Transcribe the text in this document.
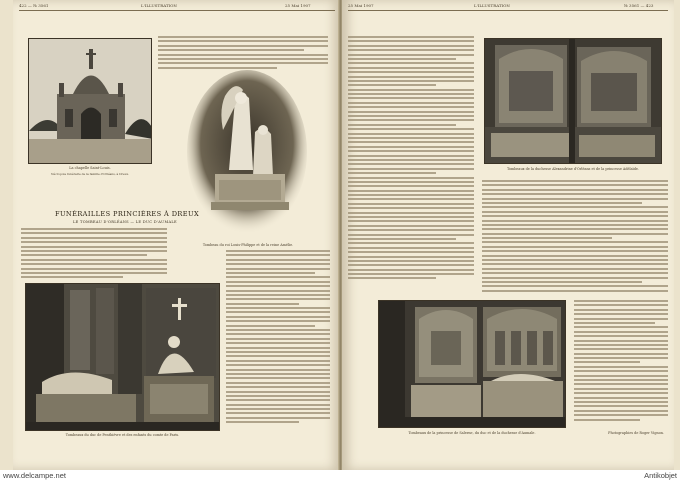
422 — № 3561	L'ILLUSTRATION	25 Mai 1907
La chapelle Saint-Louis.
Nécropole funéraire de la famille d'Orléans, à Dreux.
Tombeau du roi Louis-Philippe et de la reine Amélie.
FUNÉRAILLES PRINCIÈRES À DREUX
LE TOMBEAU D'ORLÉANS — LE DUC D'AUMALE
Tombeaux du duc de Penthièvre et des enfants du comte de Paris.
25 Mai 1907	L'ILLUSTRATION	№ 3561 — 423
Tombeaux de la duchesse Alexandrine d'Orléans et de la princesse Adélaïde.
Tombeaux de la princesse de Salerne, du duc et de la duchesse d'Aumale.	Photographies de Roger Vignon.
www.delcampe.net	Antikobjet
